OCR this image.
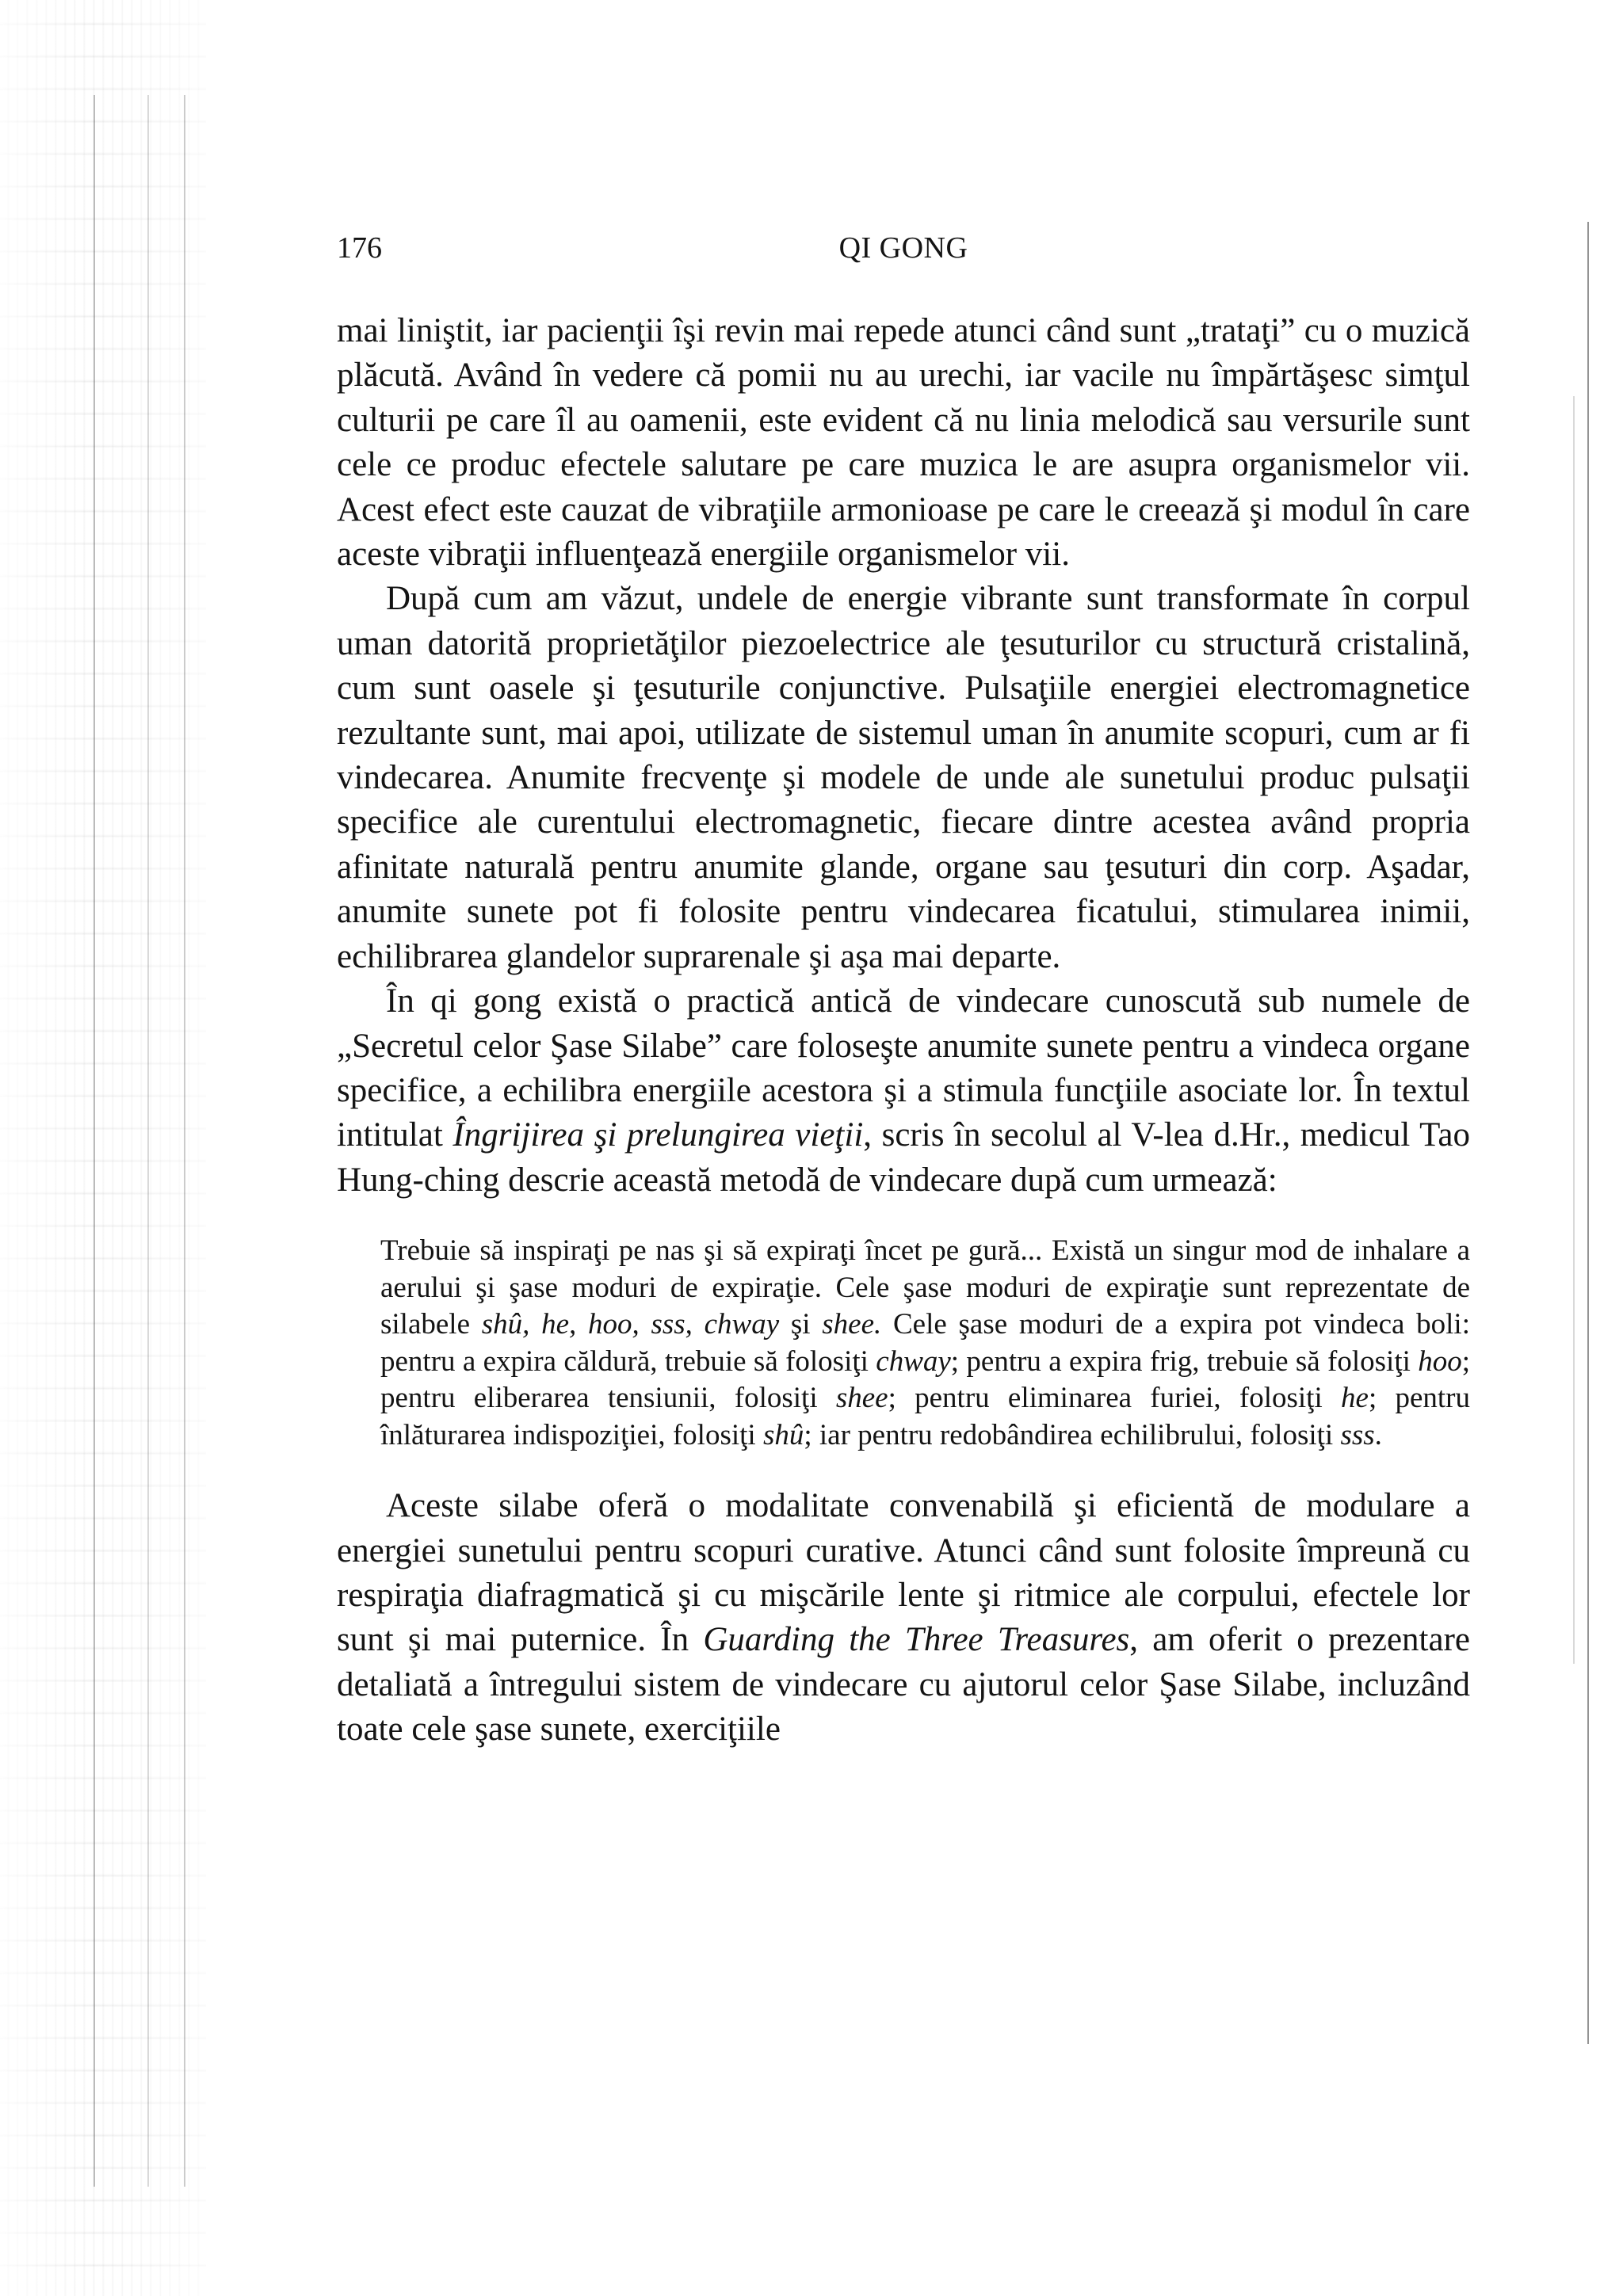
176	QI GONG

mai liniştit, iar pacienţii îşi revin mai repede atunci când sunt „trataţi” cu o muzică plăcută. Având în vedere că pomii nu au urechi, iar vacile nu împărtăşesc simţul culturii pe care îl au oamenii, este evident că nu linia melodică sau versurile sunt cele ce produc efectele salutare pe care muzica le are asupra organismelor vii. Acest efect este cauzat de vibraţiile armonioase pe care le creează şi modul în care aceste vibraţii influenţează energiile organismelor vii.

După cum am văzut, undele de energie vibrante sunt transformate în corpul uman datorită proprietăţilor piezoelectrice ale ţesuturilor cu structură cristalină, cum sunt oasele şi ţesuturile conjunctive. Pulsaţiile energiei electromagnetice rezultante sunt, mai apoi, utilizate de sistemul uman în anumite scopuri, cum ar fi vindecarea. Anumite frecvenţe şi modele de unde ale sunetului produc pulsaţii specifice ale curentului electromagnetic, fiecare dintre acestea având propria afinitate naturală pentru anumite glande, organe sau ţesuturi din corp. Aşadar, anumite sunete pot fi folosite pentru vindecarea ficatului, stimularea inimii, echilibrarea glandelor suprarenale şi aşa mai departe.

În qi gong există o practică antică de vindecare cunoscută sub numele de „Secretul celor Şase Silabe” care foloseşte anumite sunete pentru a vindeca organe specifice, a echilibra energiile acestora şi a stimula funcţiile asociate lor. În textul intitulat Îngrijirea şi prelungirea vieţii, scris în secolul al V-lea d.Hr., medicul Tao Hung-ching descrie această metodă de vindecare după cum urmează:

Trebuie să inspiraţi pe nas şi să expiraţi încet pe gură... Există un singur mod de inhalare a aerului şi şase moduri de expiraţie. Cele şase moduri de expiraţie sunt reprezentate de silabele shû, he, hoo, sss, chway şi shee. Cele şase moduri de a expira pot vindeca boli: pentru a expira căldură, trebuie să folosiţi chway; pentru a expira frig, trebuie să folosiţi hoo; pentru eliberarea tensiunii, folosiţi shee; pentru eliminarea furiei, folosiţi he; pentru înlăturarea indispoziţiei, folosiţi shû; iar pentru redobândirea echilibrului, folosiţi sss.

Aceste silabe oferă o modalitate convenabilă şi eficientă de modulare a energiei sunetului pentru scopuri curative. Atunci când sunt folosite împreună cu respiraţia diafragmatică şi cu mişcările lente şi ritmice ale corpului, efectele lor sunt şi mai puternice. În Guarding the Three Treasures, am oferit o prezentare detaliată a întregului sistem de vindecare cu ajutorul celor Şase Silabe, incluzând toate cele şase sunete, exerciţiile
